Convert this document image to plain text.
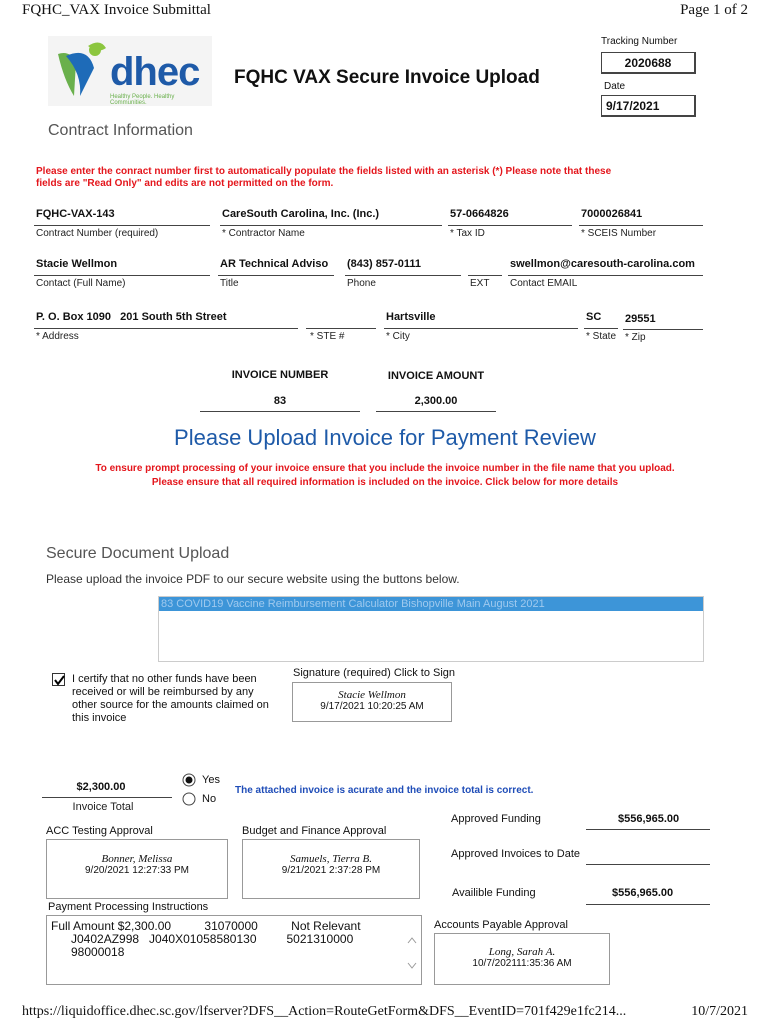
FQHC_VAX Invoice Submittal	Page 1 of 2
dhec
Healthy People. Healthy Communities.
FQHC VAX Secure Invoice Upload
Tracking Number
2020688
Date
9/17/2021
Contract Information
Please enter the conract number first to automatically populate the fields listed with an asterisk (*) Please note that these
fields are "Read Only" and edits are not permitted on the form.
FQHC-VAX-143
Contract Number (required)
CareSouth Carolina, Inc. (Inc.)
* Contractor Name
57-0664826
* Tax ID
7000026841
* SCEIS Number
Stacie Wellmon
Contact (Full Name)
AR Technical Adviso
Title
(843) 857-0111
Phone	EXT
swellmon@caresouth-carolina.com
Contact EMAIL
P. O. Box 1090   201 South 5th Street
* Address	* STE #
Hartsville
* City
SC
* State
29551
* Zip
INVOICE NUMBER
83
INVOICE AMOUNT
2,300.00
Please Upload Invoice for Payment Review
To ensure prompt processing of your invoice ensure that you include the invoice number in the file name that you upload.
Please ensure that all required information is included on the invoice. Click below for more details
Secure Document Upload
Please upload the invoice PDF to our secure website using the buttons below.
83 COVID19 Vaccine Reimbursement Calculator Bishopville Main August 2021
I certify that no other funds have been
received or will be reimbursed by any
other source for the amounts claimed on
this invoice
Signature (required) Click to Sign
Stacie Wellmon
9/17/2021 10:20:25 AM
$2,300.00
Invoice Total
Yes
No
The attached invoice is acurate and the invoice total is correct.
ACC Testing Approval
Bonner, Melissa
9/20/2021 12:27:33 PM
Budget and Finance Approval
Samuels, Tierra B.
9/21/2021 2:37:28 PM
Approved Funding	$556,965.00
Approved Invoices to Date
Availible Funding	$556,965.00
Payment Processing Instructions
Full Amount $2,300.00          31070000          Not Relevant
J0402AZ998   J040X01058580130         5021310000
98000018
Accounts Payable Approval
Long, Sarah A.
10/7/202111:35:36 AM
https://liquidoffice.dhec.sc.gov/lfserver?DFS__Action=RouteGetForm&DFS__EventID=701f429e1fc214...	10/7/2021
